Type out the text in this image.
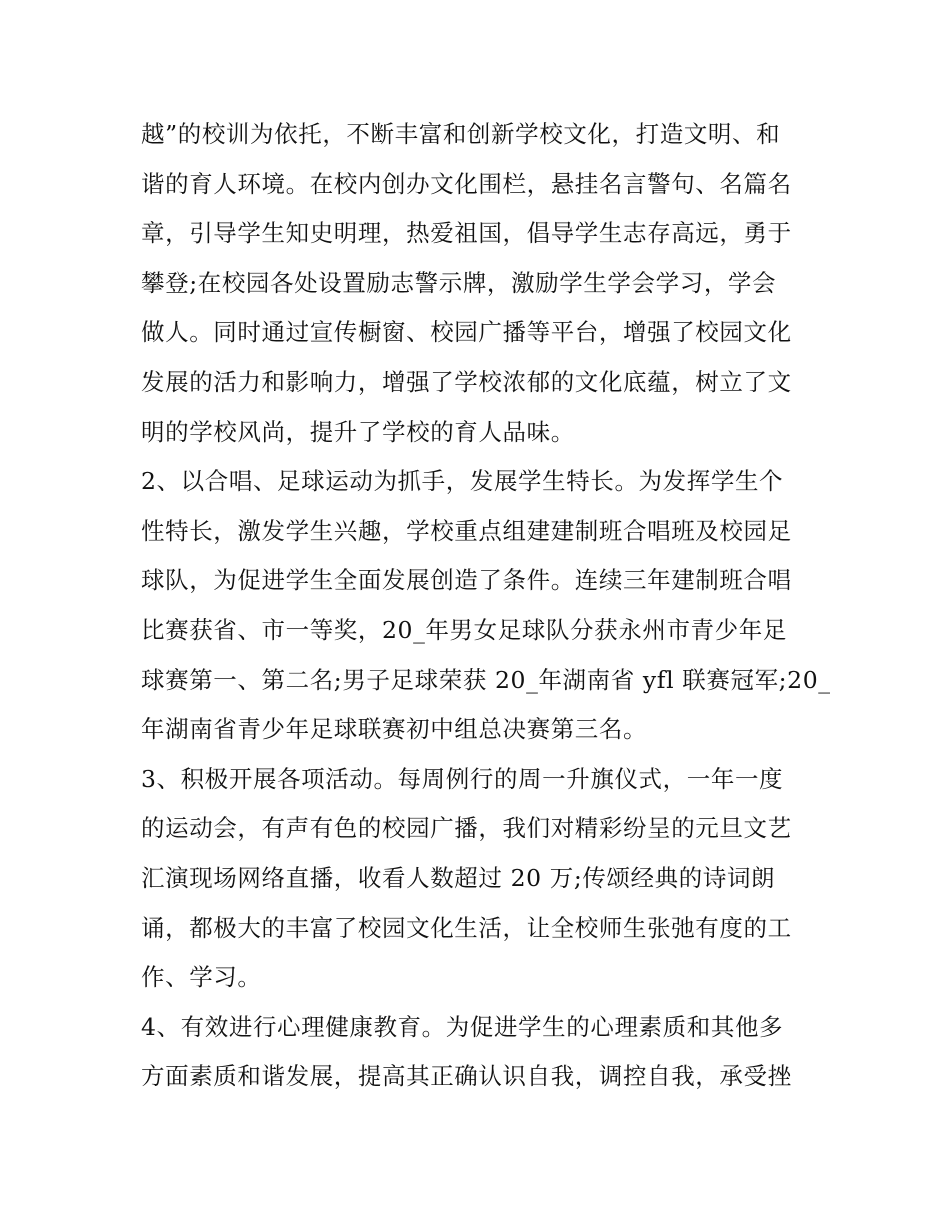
越”的校训为依托，不断丰富和创新学校文化，打造文明、和
谐的育人环境。在校内创办文化围栏，悬挂名言警句、名篇名
章，引导学生知史明理，热爱祖国，倡导学生志存高远，勇于
攀登;在校园各处设置励志警示牌，激励学生学会学习，学会
做人。同时通过宣传橱窗、校园广播等平台，增强了校园文化
发展的活力和影响力，增强了学校浓郁的文化底蕴，树立了文
明的学校风尚，提升了学校的育人品味。
2、以合唱、足球运动为抓手，发展学生特长。为发挥学生个
性特长，激发学生兴趣，学校重点组建建制班合唱班及校园足
球队，为促进学生全面发展创造了条件。连续三年建制班合唱
比赛获省、市一等奖，20_年男女足球队分获永州市青少年足
球赛第一、第二名;男子足球荣获 20_年湖南省 yfl 联赛冠军;20_
年湖南省青少年足球联赛初中组总决赛第三名。
3、积极开展各项活动。每周例行的周一升旗仪式，一年一度
的运动会，有声有色的校园广播，我们对精彩纷呈的元旦文艺
汇演现场网络直播，收看人数超过 20 万;传颂经典的诗词朗
诵，都极大的丰富了校园文化生活，让全校师生张弛有度的工
作、学习。
4、有效进行心理健康教育。为促进学生的心理素质和其他多
方面素质和谐发展，提高其正确认识自我，调控自我，承受挫
